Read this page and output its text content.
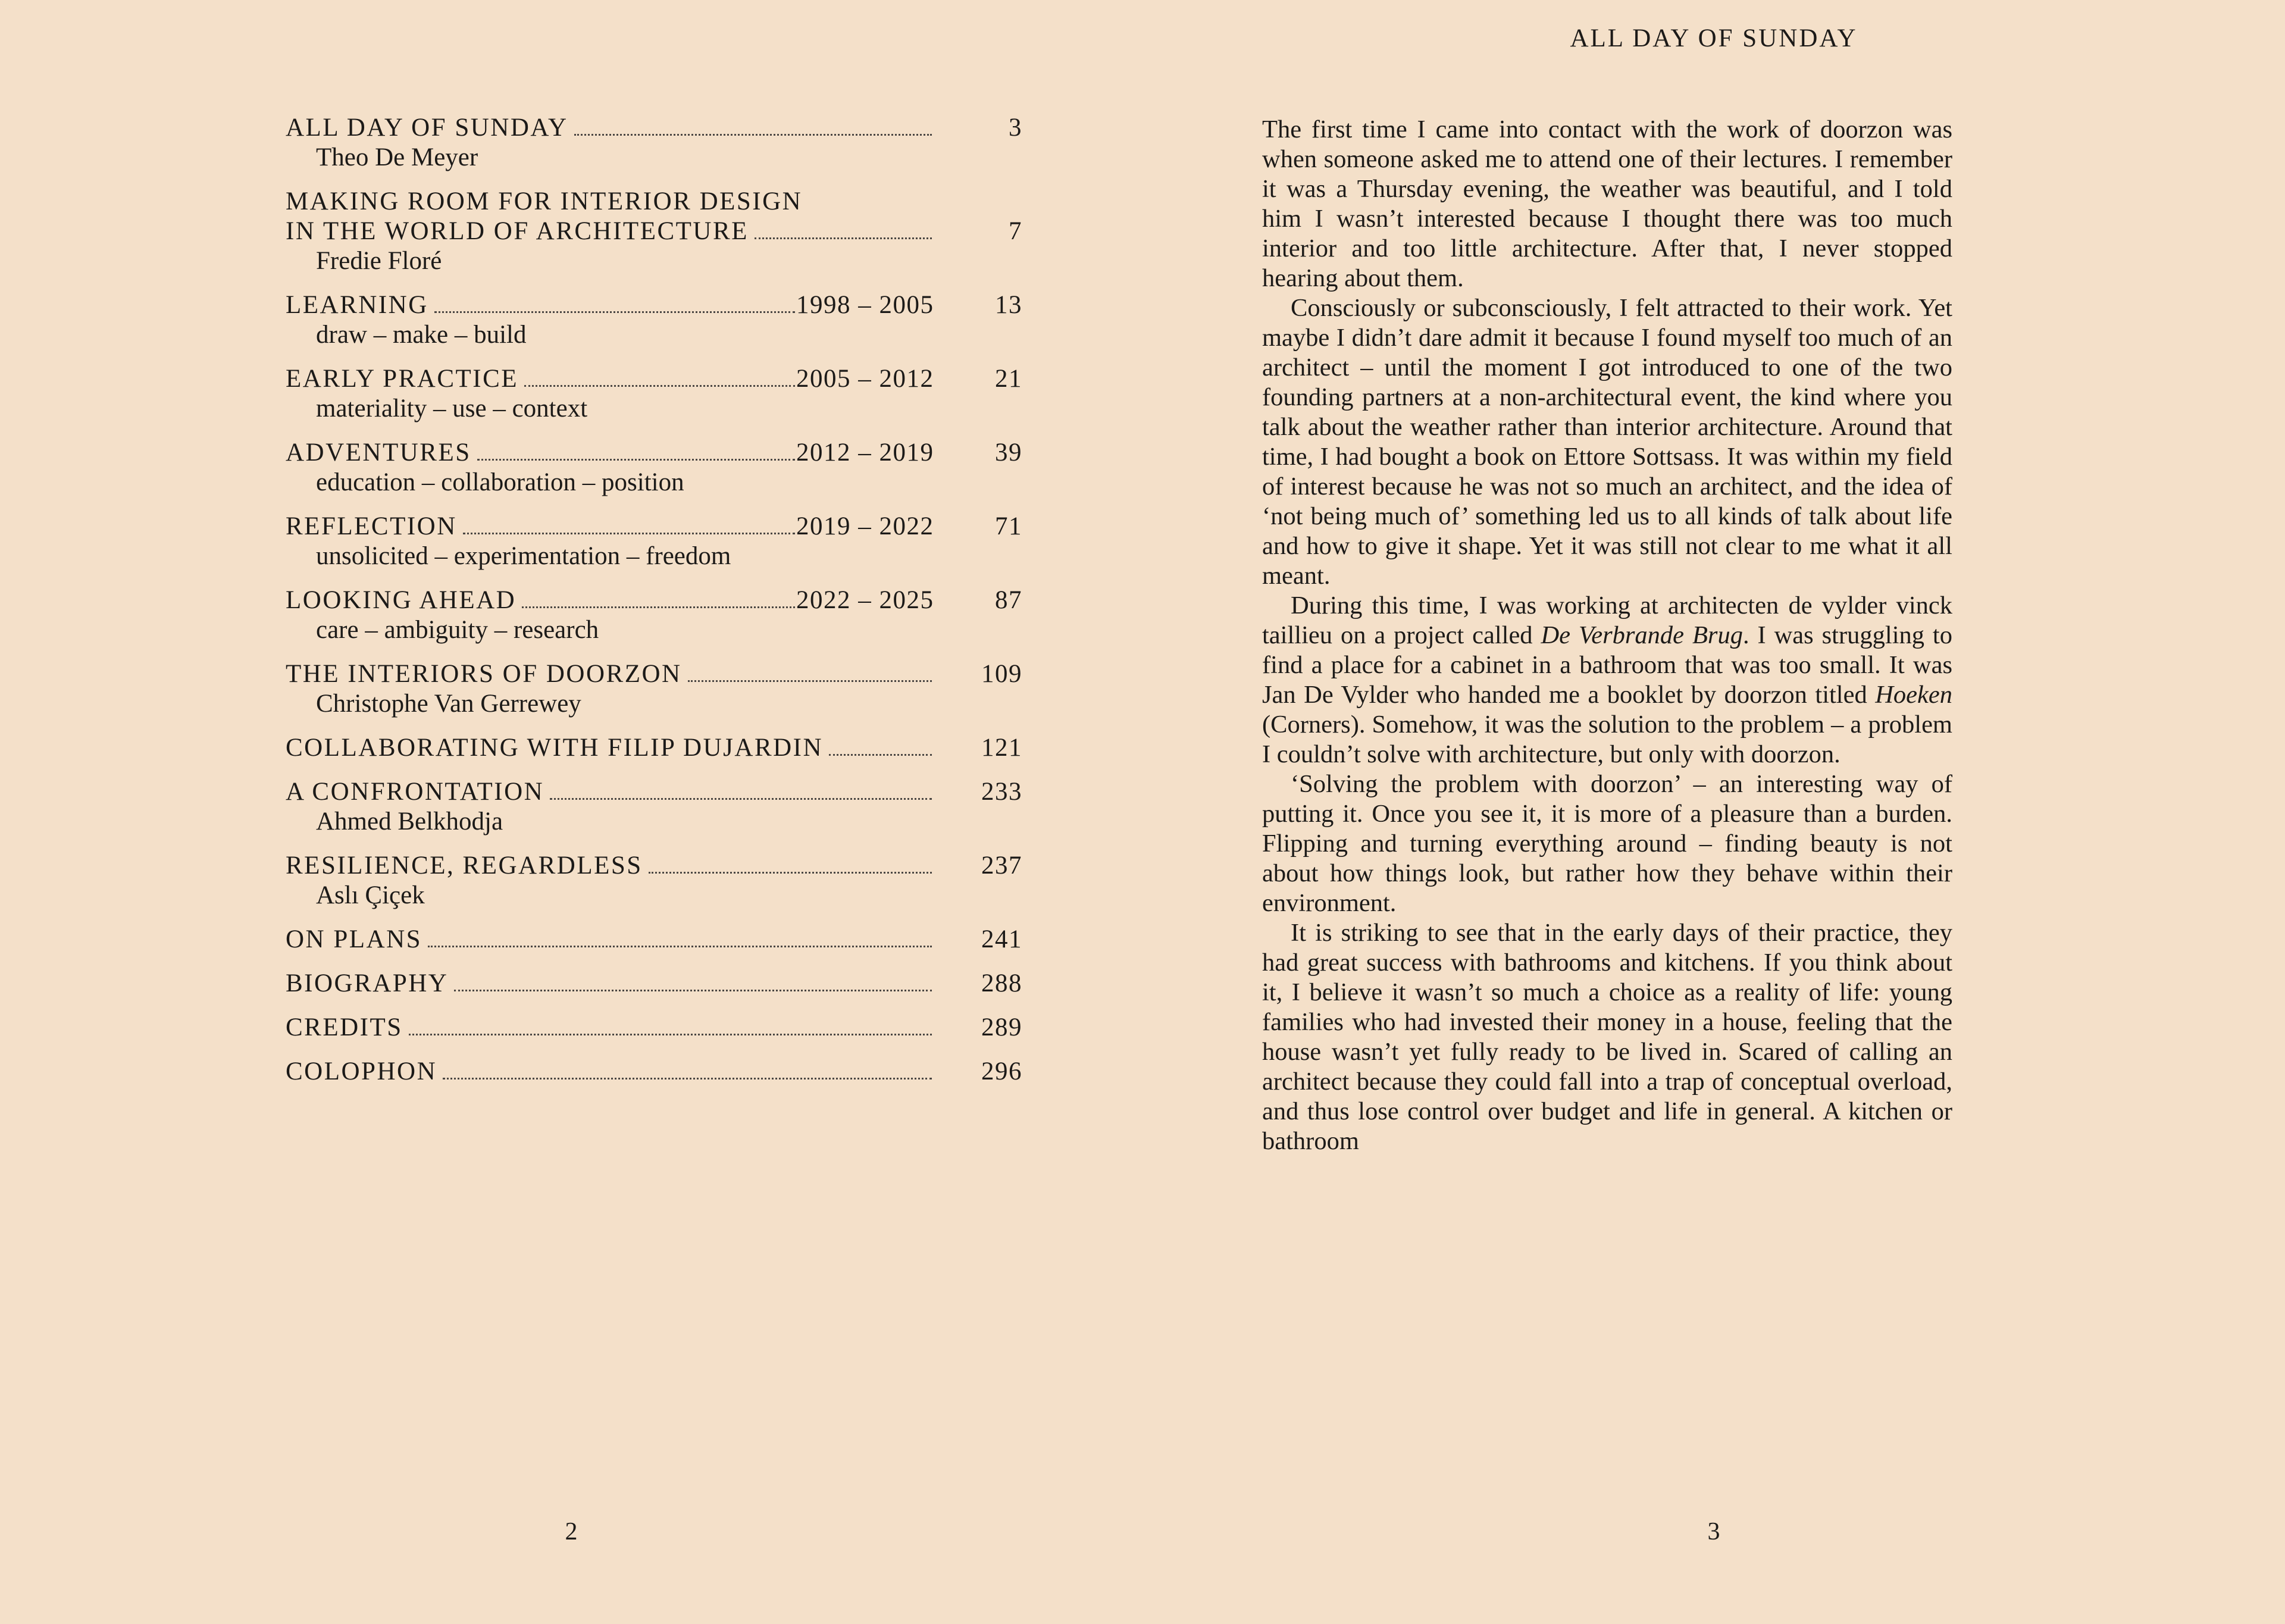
ALL DAY OF SUNDAY	3
Theo De Meyer
MAKING ROOM FOR INTERIOR DESIGN
IN THE WORLD OF ARCHITECTURE	7
Fredie Floré
LEARNING	1998 – 2005	13
draw – make – build
EARLY PRACTICE	2005 – 2012	21
materiality – use – context
ADVENTURES	2012 – 2019	39
education – collaboration – position
REFLECTION	2019 – 2022	71
unsolicited – experimentation – freedom
LOOKING AHEAD	2022 – 2025	87
care – ambiguity – research
THE INTERIORS OF DOORZON	109
Christophe Van Gerrewey
COLLABORATING WITH FILIP DUJARDIN	121
A CONFRONTATION	233
Ahmed Belkhodja
RESILIENCE, REGARDLESS	237
Aslı Çiçek
ON PLANS	241
BIOGRAPHY	288
CREDITS	289
COLOPHON	296
2
ALL DAY OF SUNDAY

The first time I came into contact with the work of doorzon was when someone asked me to attend one of their lectures. I remember it was a Thursday evening, the weather was beautiful, and I told him I wasn’t interested because I thought there was too much interior and too little architecture. After that, I never stopped hearing about them.

Consciously or subconsciously, I felt attracted to their work. Yet maybe I didn’t dare admit it because I found myself too much of an architect – until the moment I got introduced to one of the two founding partners at a non-architectural event, the kind where you talk about the weather rather than interior architecture. Around that time, I had bought a book on Ettore Sottsass. It was within my field of interest because he was not so much an architect, and the idea of ‘not being much of’ something led us to all kinds of talk about life and how to give it shape. Yet it was still not clear to me what it all meant.

During this time, I was working at architecten de vylder vinck taillieu on a project called De Verbrande Brug. I was struggling to find a place for a cabinet in a bathroom that was too small. It was Jan De Vylder who handed me a booklet by doorzon titled Hoeken (Corners). Somehow, it was the solution to the problem – a problem I couldn’t solve with architecture, but only with doorzon.

‘Solving the problem with doorzon’ – an interesting way of putting it. Once you see it, it is more of a pleasure than a burden. Flipping and turning everything around – finding beauty is not about how things look, but rather how they behave within their environment.

It is striking to see that in the early days of their practice, they had great success with bathrooms and kitchens. If you think about it, I believe it wasn’t so much a choice as a reality of life: young families who had invested their money in a house, feeling that the house wasn’t yet fully ready to be lived in. Scared of calling an architect because they could fall into a trap of conceptual overload, and thus lose control over budget and life in general. A kitchen or bathroom

3
